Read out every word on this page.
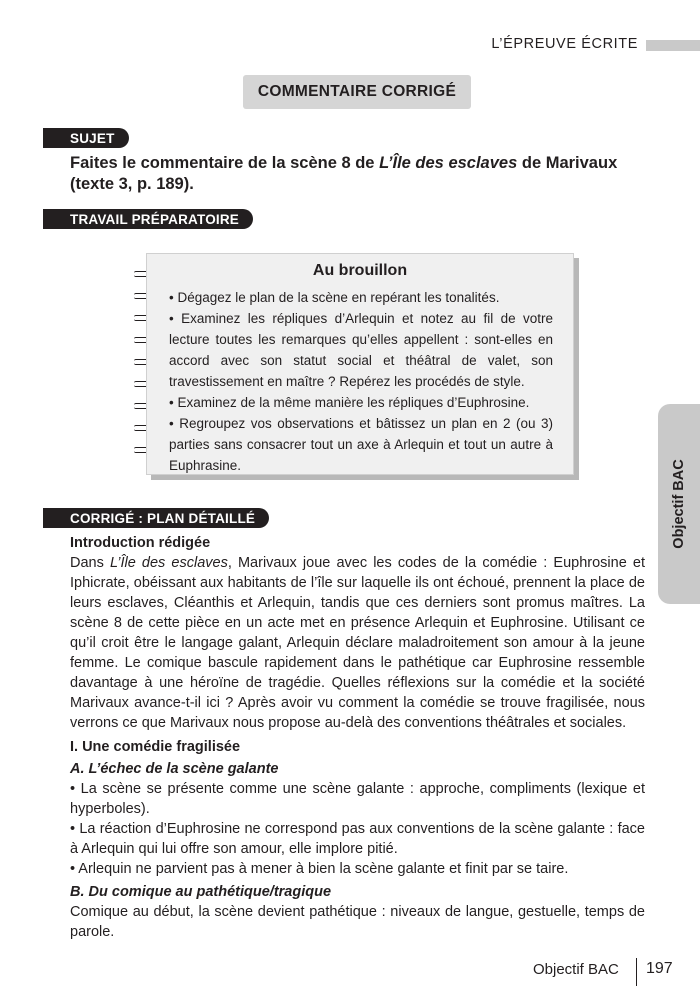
L’ÉPREUVE ÉCRITE
COMMENTAIRE CORRIGÉ
SUJET
Faites le commentaire de la scène 8 de L’Île des esclaves de Marivaux (texte 3, p. 189).
TRAVAIL PRÉPARATOIRE
Au brouillon

• Dégagez le plan de la scène en repérant les tonalités.

• Examinez les répliques d’Arlequin et notez au fil de votre lecture toutes les remarques qu’elles appellent : sont-elles en accord avec son statut social et théâtral de valet, son travestissement en maître ? Repérez les procédés de style.

• Examinez de la même manière les répliques d’Euphrosine.

• Regroupez vos observations et bâtissez un plan en 2 (ou 3) parties sans consacrer tout un axe à Arlequin et tout un autre à Euphrasine.	Objectif BAC
CORRIGÉ : PLAN DÉTAILLÉ

Introduction rédigée

Dans L’Île des esclaves, Marivaux joue avec les codes de la comédie : Euphrosine et Iphicrate, obéissant aux habitants de l’île sur laquelle ils ont échoué, prennent la place de leurs esclaves, Cléanthis et Arlequin, tandis que ces derniers sont promus maîtres. La scène 8 de cette pièce en un acte met en présence Arlequin et Euphrosine. Utilisant ce qu’il croit être le langage galant, Arlequin déclare maladroitement son amour à la jeune femme. Le comique bascule rapidement dans le pathétique car Euphrosine ressemble davantage à une héroïne de tragédie. Quelles réflexions sur la comédie et la société Marivaux avance-t-il ici ? Après avoir vu comment la comédie se trouve fragilisée, nous verrons ce que Marivaux nous propose au-delà des conventions théâtrales et sociales.

I. Une comédie fragilisée

A. L’échec de la scène galante

• La scène se présente comme une scène galante : approche, compliments (lexique et hyperboles).

• La réaction d’Euphrosine ne correspond pas aux conventions de la scène galante : face à Arlequin qui lui offre son amour, elle implore pitié.

• Arlequin ne parvient pas à mener à bien la scène galante et finit par se taire.

B. Du comique au pathétique/tragique

Comique au début, la scène devient pathétique : niveaux de langue, gestuelle, temps de parole.

Objectif BAC 197
